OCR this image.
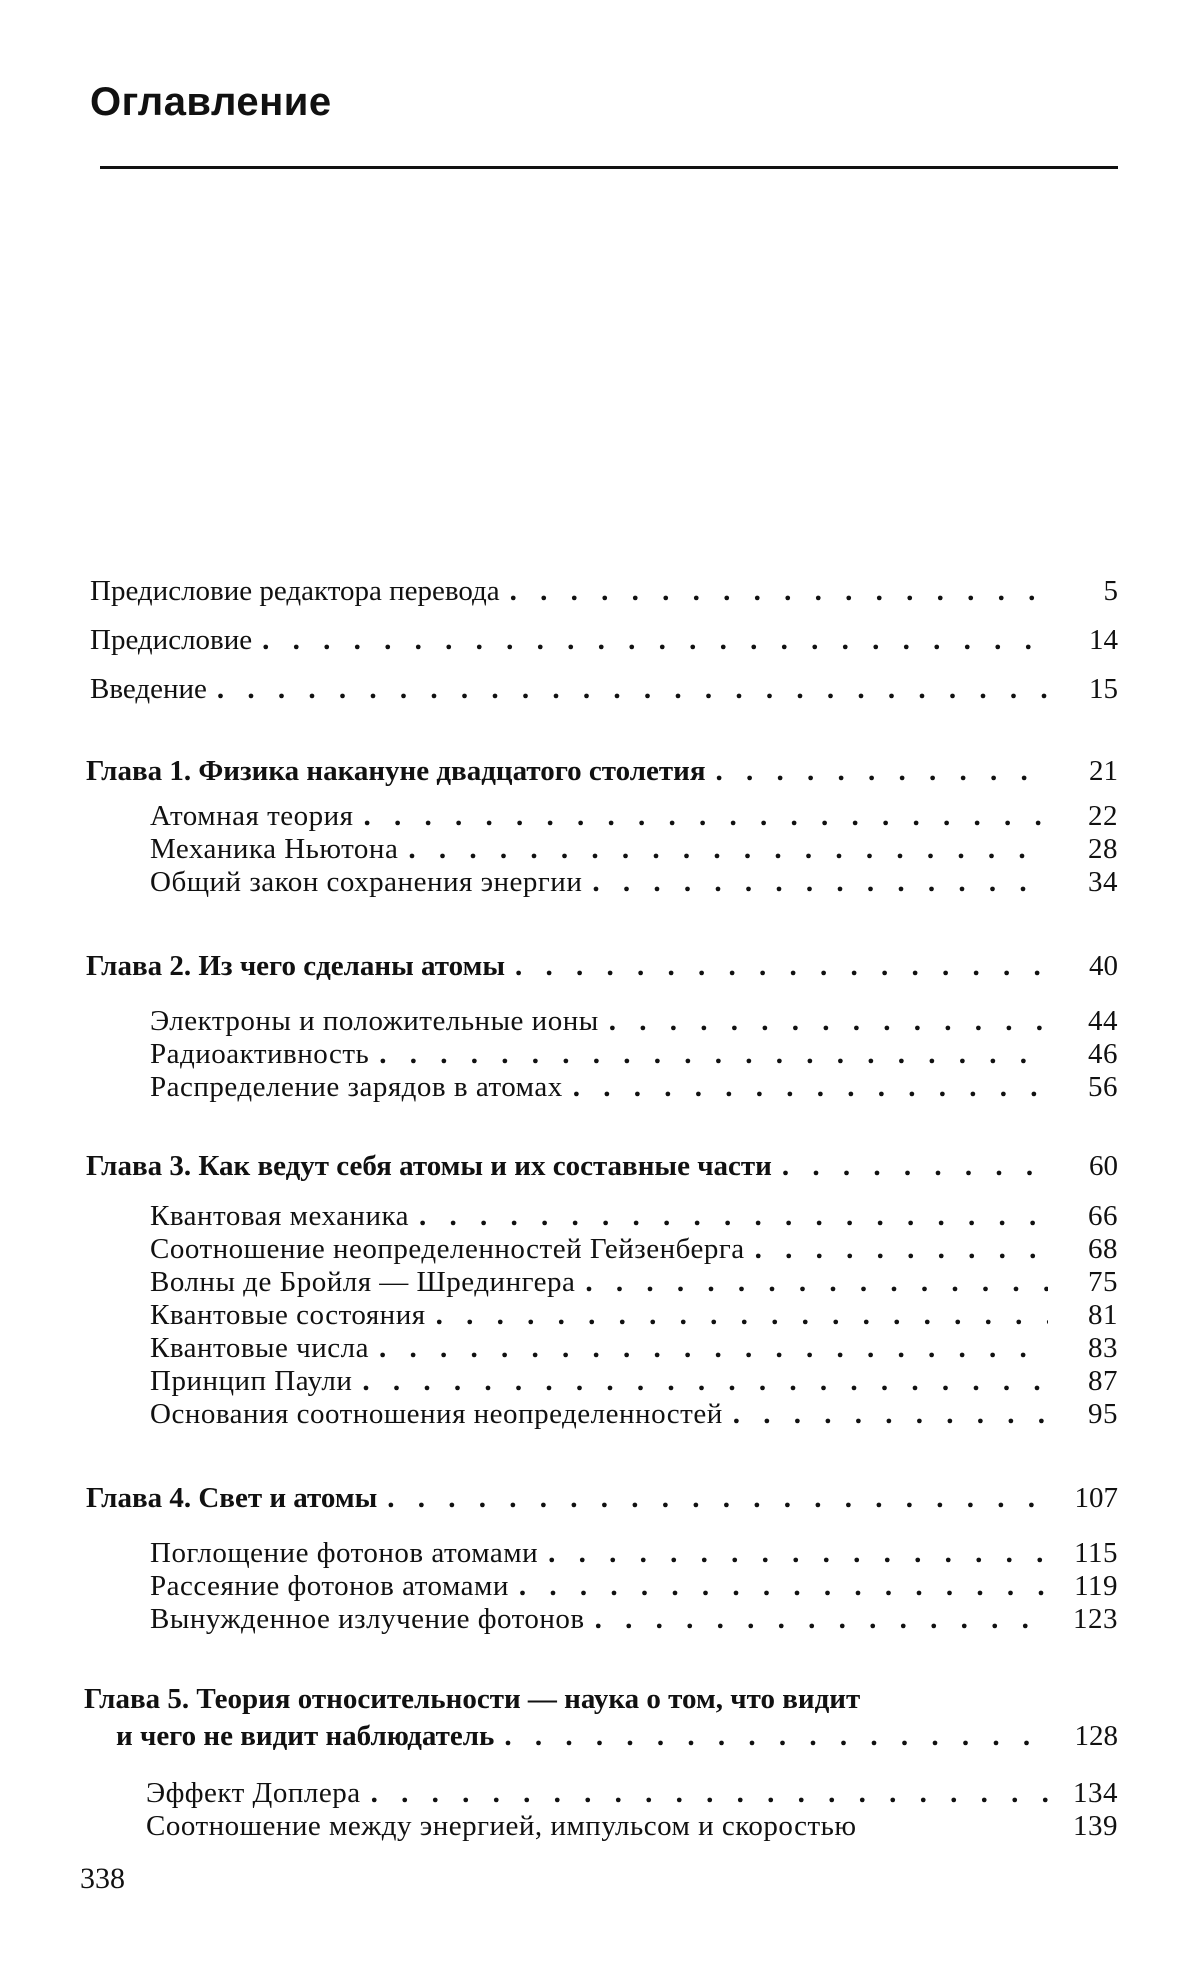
Оглавление
Предисловие редактора перевода . . .	5
Предисловие . . .	14
Введение . . .	15
Глава 1. Физика накануне двадцатого столетия . . .	21
Атомная теория . . .	22
Механика Ньютона . . .	28
Общий закон сохранения энергии . . .	34
Глава 2. Из чего сделаны атомы . . .	40
Электроны и положительные ионы . . .	44
Радиоактивность . . .	46
Распределение зарядов в атомах . . .	56
Глава 3. Как ведут себя атомы и их составные части . . .	60
Квантовая механика . . .	66
Соотношение неопределенностей Гейзенберга . . .	68
Волны де Бройля — Шредингера . . .	75
Квантовые состояния . . .	81
Квантовые числа . . .	83
Принцип Паули . . .	87
Основания соотношения неопределенностей . . .	95
Глава 4. Свет и атомы . . .	107
Поглощение фотонов атомами . . .	115
Рассеяние фотонов атомами . . .	119
Вынужденное излучение фотонов . . .	123
Глава 5. Теория относительности — наука о том, что видит
и чего не видит наблюдатель . . .	128
Эффект Доплера . . .	134
Соотношение между энергией, импульсом и скоростью	139
338
